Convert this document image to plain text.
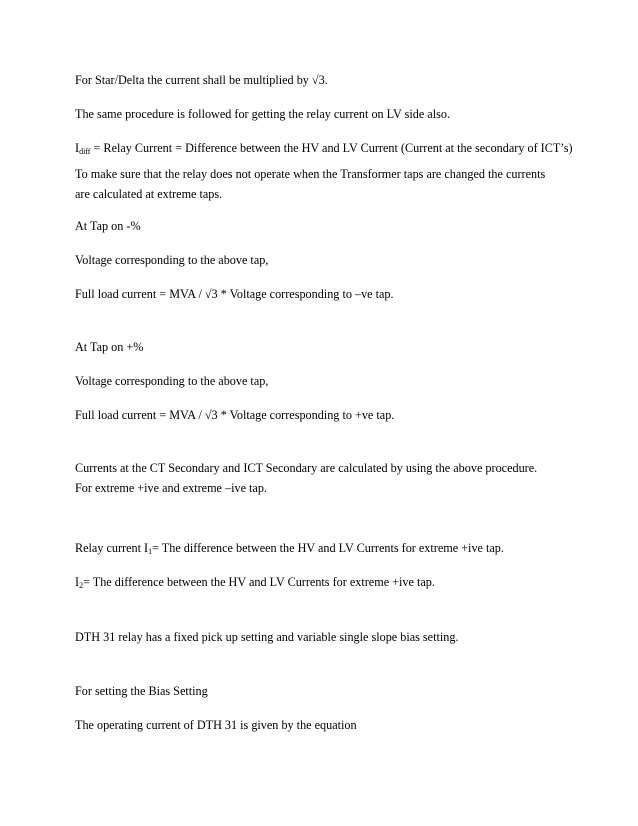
For Star/Delta the current shall be multiplied by √3.
The same procedure is followed for getting the relay current on LV side also.
$I_{diff}$ = Relay Current = Difference between the HV and LV Current (Current at the secondary of ICT’s)
To make sure that the relay does not operate when the Transformer taps are changed the currents are calculated at extreme taps.
At Tap on -%
Voltage corresponding to the above tap,
Full load current = MVA / √3 * Voltage corresponding to –ve tap.
At Tap on +%
Voltage corresponding to the above tap,
Full load current = MVA / √3 * Voltage corresponding to +ve tap.
Currents at the CT Secondary and ICT Secondary are calculated by using the above procedure. For extreme +ive and extreme –ive tap.
Relay current $I_1=$ The difference between the HV and LV Currents for extreme +ive tap.
$I_2=$ The difference between the HV and LV Currents for extreme +ive tap.
DTH 31 relay has a fixed pick up setting and variable single slope bias setting.
For setting the Bias Setting
The operating current of DTH 31 is given by the equation
